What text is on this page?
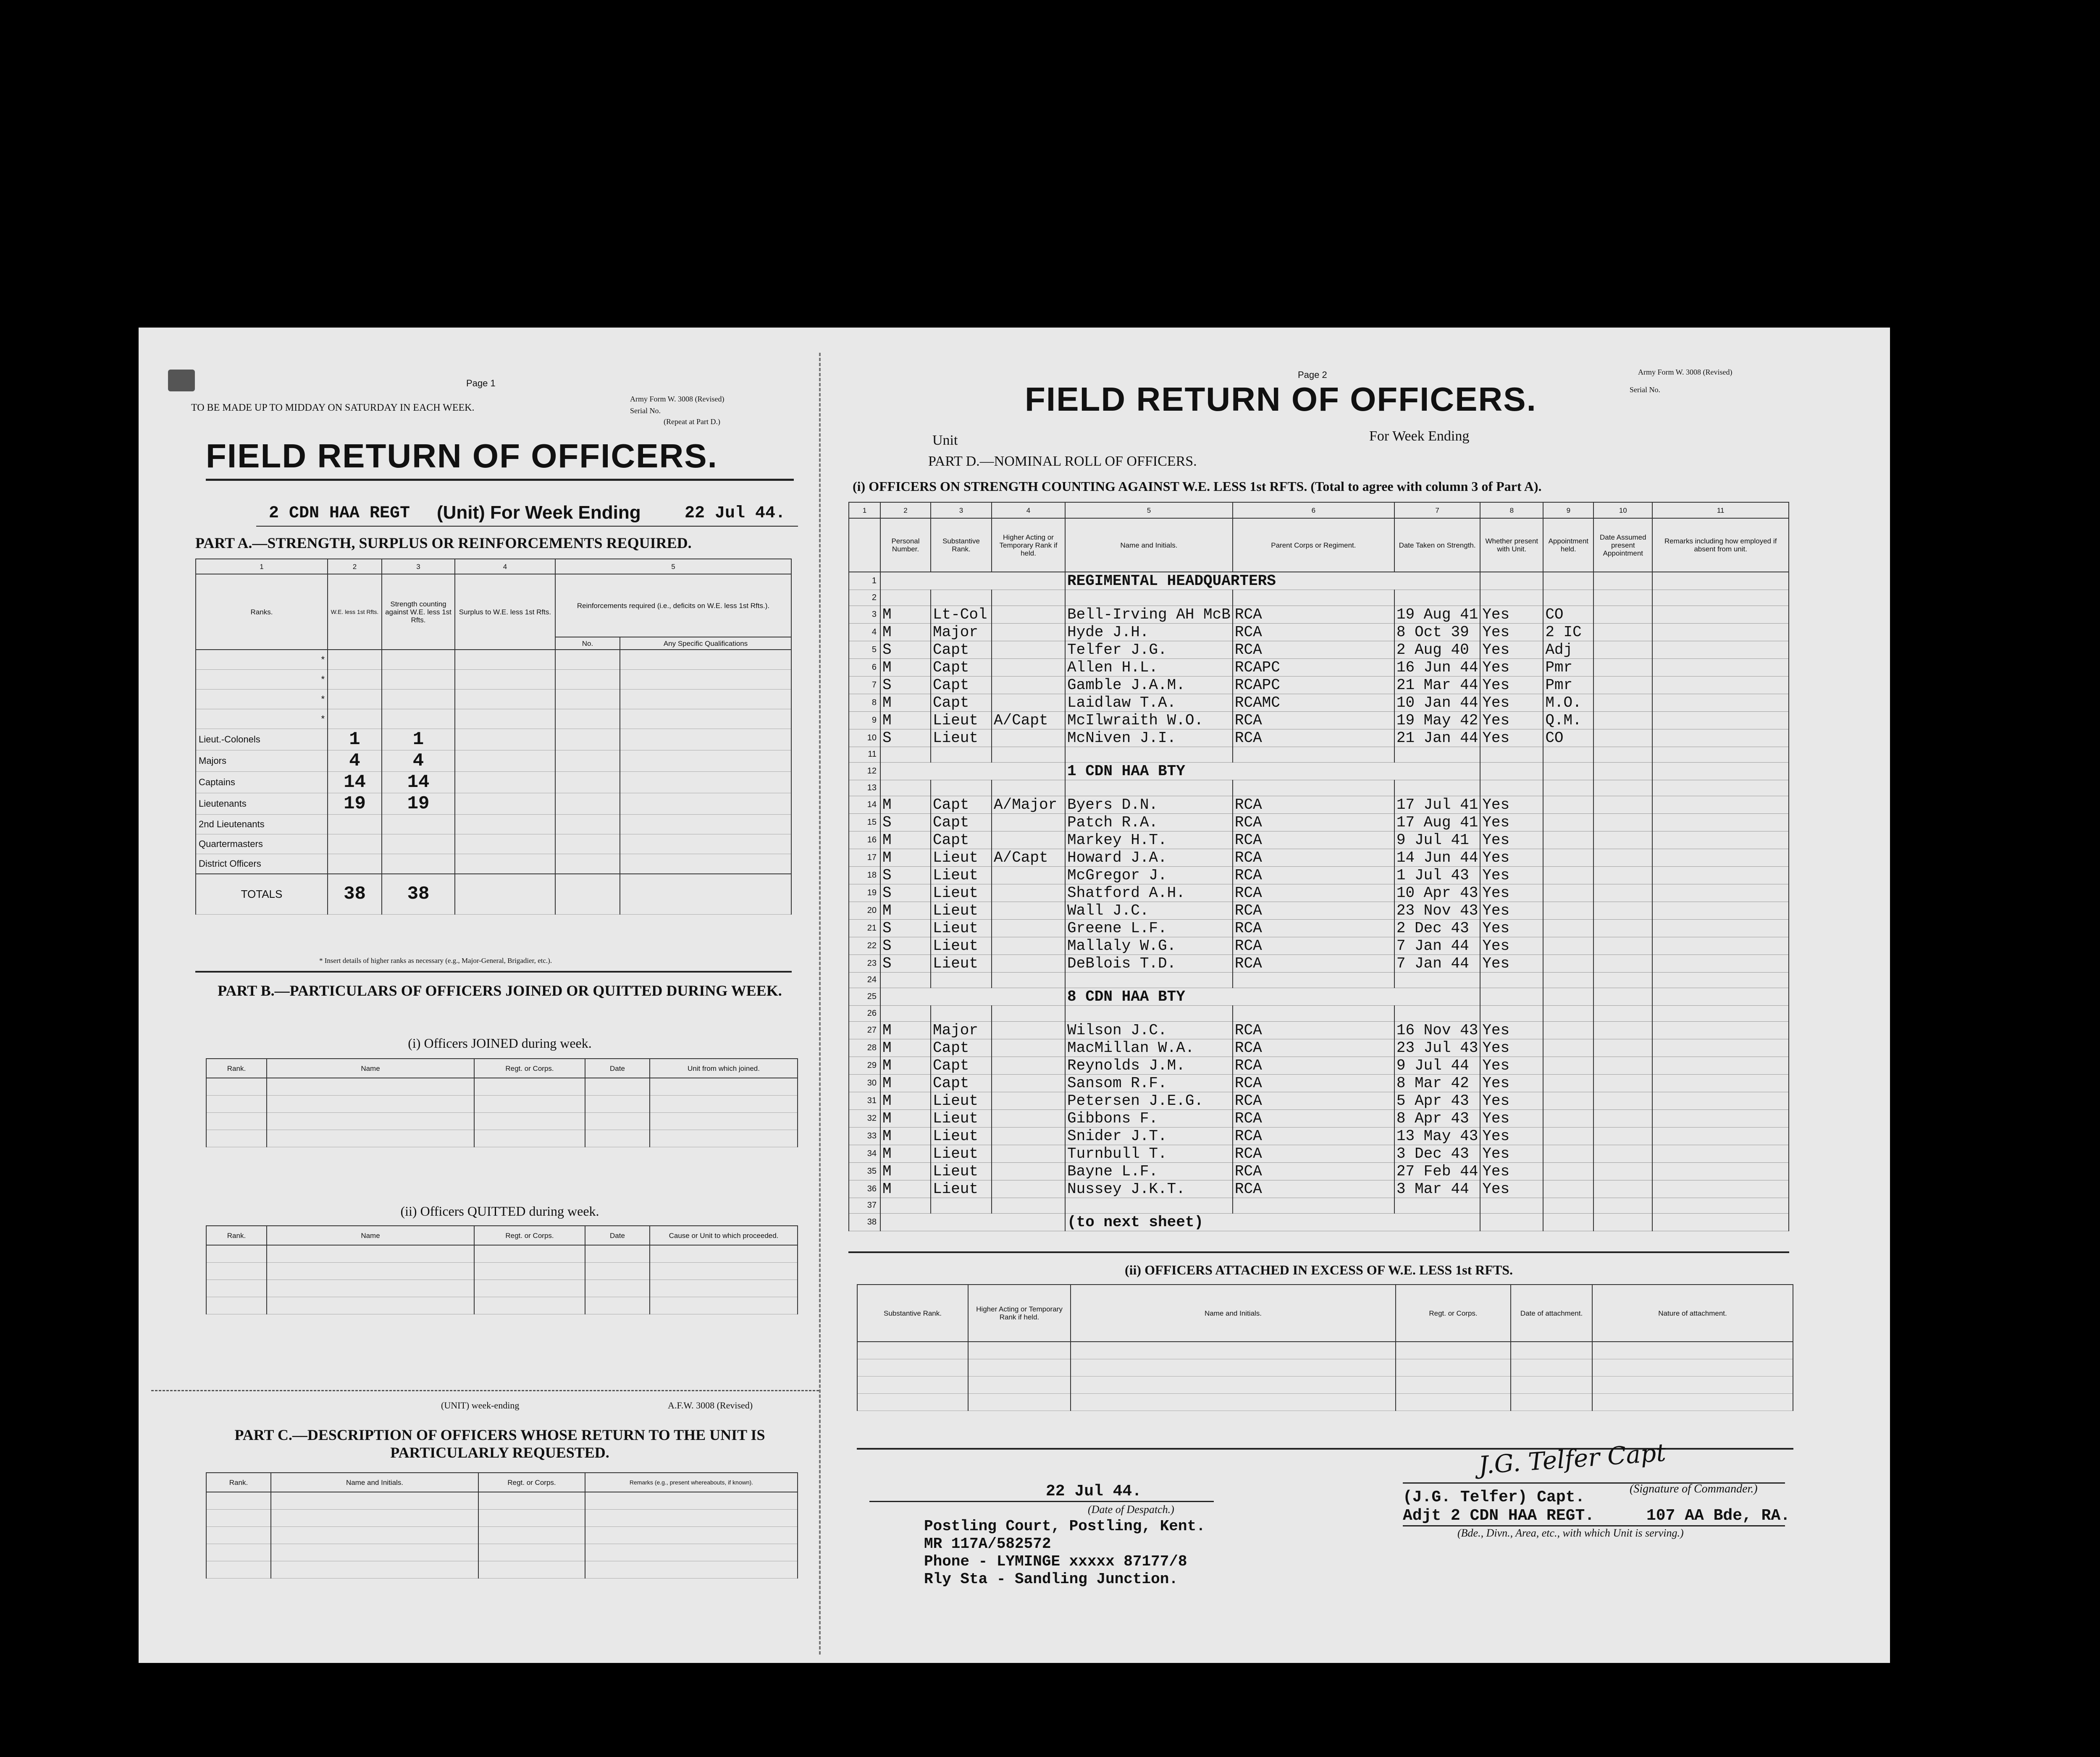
Page 1
TO BE MADE UP TO MIDDAY ON SATURDAY IN EACH WEEK.
Army Form W. 3008 (Revised)
Serial No.
(Repeat at Part D.)
FIELD RETURN OF OFFICERS.
2 CDN HAA REGT (Unit) For Week Ending	22 Jul 44.
PART A.—STRENGTH, SURPLUS OR REINFORCEMENTS REQUIRED.
1	2	3	4	5	
Ranks.	W.E. less 1st Rfts.	Strength counting against W.E. less 1st Rfts.	Surplus to W.E. less 1st Rfts.	Reinforcements required (i.e., deficits on W.E. less 1st Rfts.).	
				No.	Any Specific Qualifications
*					
*					
*					
*					
Lieut.-Colonels	1	1			
Majors	4	4			
Captains	14	14			
Lieutenants	19	19			
2nd Lieutenants					
Quartermasters					
District Officers					
TOTALS	38	38			
* Insert details of higher ranks as necessary (e.g., Major-General, Brigadier, etc.).
PART B.—PARTICULARS OF OFFICERS JOINED OR QUITTED DURING WEEK.
(i) Officers JOINED during week.
Rank.	Name	Regt. or Corps.	Date	Unit from which joined.

(ii) Officers QUITTED during week.
Rank.	Name	Regt. or Corps.	Date	Cause or Unit to which proceeded.

(UNIT) week-ending	A.F.W. 3008 (Revised)
PART C.—DESCRIPTION OF OFFICERS WHOSE RETURN TO THE UNIT IS PARTICULARLY REQUESTED.
Rank.	Name and Initials.	Regt. or Corps.	Remarks (e.g., present whereabouts, if known).

Page 2	Army Form W. 3008 (Revised)
Serial No.
FIELD RETURN OF OFFICERS.
Unit	For Week Ending
PART D.—NOMINAL ROLL OF OFFICERS.
(i) OFFICERS ON STRENGTH COUNTING AGAINST W.E. LESS 1st RFTS. (Total to agree with column 3 of Part A).
1	2	3	4	5	6	7	8	9	10	11
	Personal Number.	Substantive Rank.	Higher Acting or Temporary Rank if held.	Name and Initials.	Parent Corps or Regiment.	Date Taken on Strength.	Whether present with Unit.	Appointment held.	Date Assumed present Appointment	Remarks including how employed if absent from unit.
1				REGIMENTAL HEADQUARTERS						
2										
3	M	Lt-Col		Bell-Irving AH McB	RCA	19 Aug 41	Yes	CO		
4	M	Major		Hyde J.H.	RCA	8 Oct 39	Yes	2 IC		
5	S	Capt		Telfer J.G.	RCA	2 Aug 40	Yes	Adj		
6	M	Capt		Allen H.L.	RCAPC	16 Jun 44	Yes	Pmr		
7	S	Capt		Gamble J.A.M.	RCAPC	21 Mar 44	Yes	Pmr		
8	M	Capt		Laidlaw T.A.	RCAMC	10 Jan 44	Yes	M.O.		
9	M	Lieut	A/Capt	McIlwraith W.O.	RCA	19 May 42	Yes	Q.M.		
10	S	Lieut		McNiven J.I.	RCA	21 Jan 44	Yes	CO		
11										
12				1 CDN HAA BTY						
13										
14	M	Capt	A/Major	Byers D.N.	RCA	17 Jul 41	Yes			
15	S	Capt		Patch R.A.	RCA	17 Aug 41	Yes			
16	M	Capt		Markey H.T.	RCA	9 Jul 41	Yes			
17	M	Lieut	A/Capt	Howard J.A.	RCA	14 Jun 44	Yes			
18	S	Lieut		McGregor J.	RCA	1 Jul 43	Yes			
19	S	Lieut		Shatford A.H.	RCA	10 Apr 43	Yes			
20	M	Lieut		Wall J.C.	RCA	23 Nov 43	Yes			
21	S	Lieut		Greene L.F.	RCA	2 Dec 43	Yes			
22	S	Lieut		Mallaly W.G.	RCA	7 Jan 44	Yes			
23	S	Lieut		DeBlois T.D.	RCA	7 Jan 44	Yes			
24										
25				8 CDN HAA BTY						
26										
27	M	Major		Wilson J.C.	RCA	16 Nov 43	Yes			
28	M	Capt		MacMillan W.A.	RCA	23 Jul 43	Yes			
29	M	Capt		Reynolds J.M.	RCA	9 Jul 44	Yes			
30	M	Capt		Sansom R.F.	RCA	8 Mar 42	Yes			
31	M	Lieut		Petersen J.E.G.	RCA	5 Apr 43	Yes			
32	M	Lieut		Gibbons F.	RCA	8 Apr 43	Yes			
33	M	Lieut		Snider J.T.	RCA	13 May 43	Yes			
34	M	Lieut		Turnbull T.	RCA	3 Dec 43	Yes			
35	M	Lieut		Bayne L.F.	RCA	27 Feb 44	Yes			
36	M	Lieut		Nussey J.K.T.	RCA	3 Mar 44	Yes			
37										
38				(to next sheet)						
(ii) OFFICERS ATTACHED IN EXCESS OF W.E. LESS 1st RFTS.
Substantive Rank.	Higher Acting or Temporary Rank if held.	Name and Initials.	Regt. or Corps.	Date of attachment.	Nature of attachment.

22 Jul 44.
(Date of Despatch.)
Postling Court, Postling, Kent.
MR 117A/582572
Phone - LYMINGE xxxxx 87177/8
Rly Sta - Sandling Junction.
J.G. Telfer Capt
(J.G. Telfer) Capt.	(Signature of Commander.)
Adjt 2 CDN HAA REGT.	107 AA Bde, RA.
(Bde., Divn., Area, etc., with which Unit is serving.)
